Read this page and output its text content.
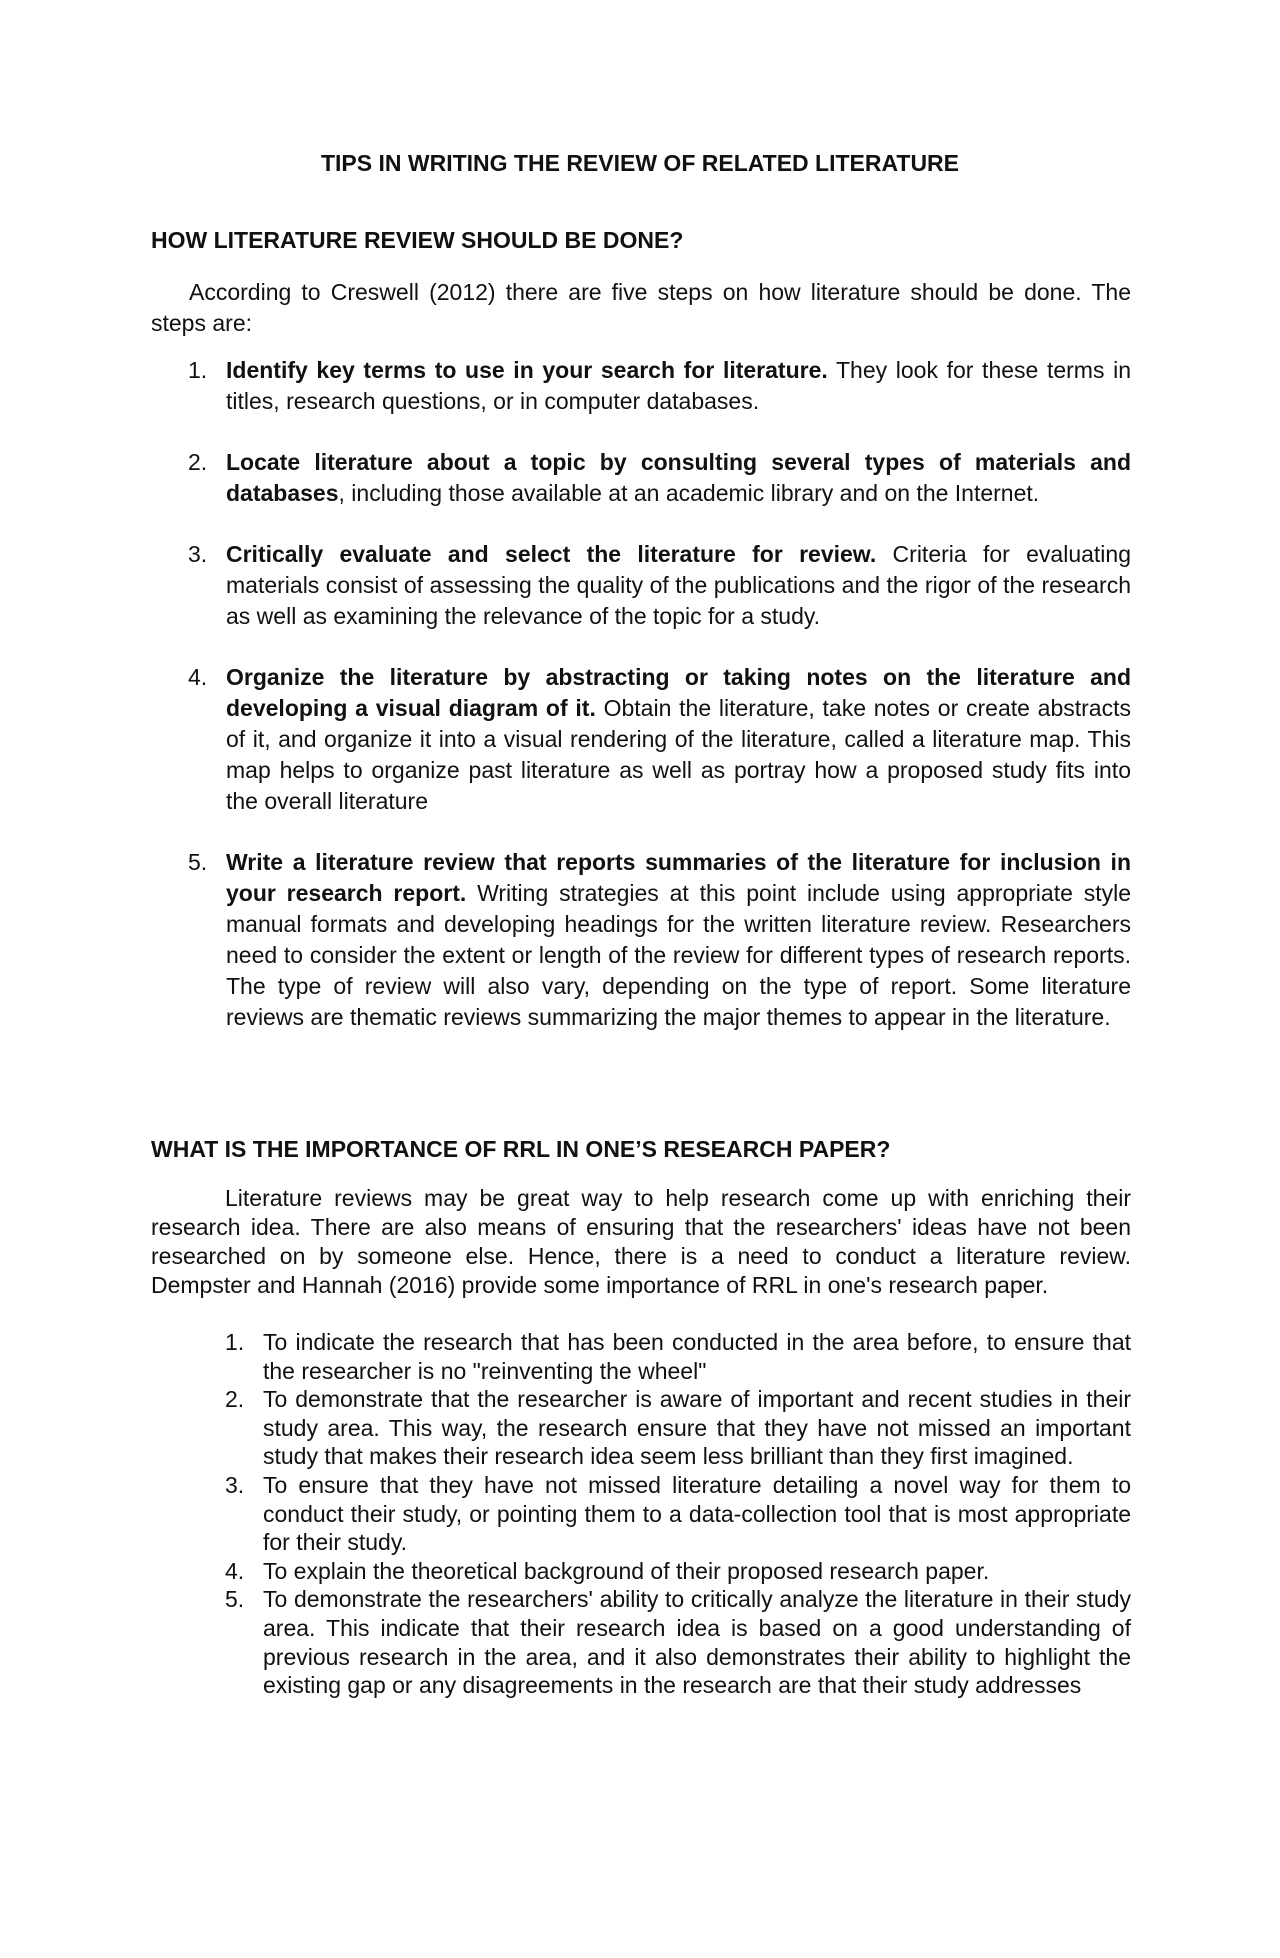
TIPS IN WRITING THE REVIEW OF RELATED LITERATURE
HOW LITERATURE REVIEW SHOULD BE DONE?

According to Creswell (2012) there are five steps on how literature should be done. The steps are:

1. Identify key terms to use in your search for literature. They look for these terms in titles, research questions, or in computer databases.
2. Locate literature about a topic by consulting several types of materials and databases, including those available at an academic library and on the Internet.
3. Critically evaluate and select the literature for review. Criteria for evaluating materials consist of assessing the quality of the publications and the rigor of the research as well as examining the relevance of the topic for a study.
4. Organize the literature by abstracting or taking notes on the literature and developing a visual diagram of it. Obtain the literature, take notes or create abstracts of it, and organize it into a visual rendering of the literature, called a literature map. This map helps to organize past literature as well as portray how a proposed study fits into the overall literature
5. Write a literature review that reports summaries of the literature for inclusion in your research report. Writing strategies at this point include using appropriate style manual formats and developing headings for the written literature review. Researchers need to consider the extent or length of the review for different types of research reports. The type of review will also vary, depending on the type of report. Some literature reviews are thematic reviews summarizing the major themes to appear in the literature.
WHAT IS THE IMPORTANCE OF RRL IN ONE’S RESEARCH PAPER?

Literature reviews may be great way to help research come up with enriching their research idea. There are also means of ensuring that the researchers' ideas have not been researched on by someone else. Hence, there is a need to conduct a literature review. Dempster and Hannah (2016) provide some importance of RRL in one's research paper.

1. To indicate the research that has been conducted in the area before, to ensure that the researcher is no "reinventing the wheel"
2. To demonstrate that the researcher is aware of important and recent studies in their study area. This way, the research ensure that they have not missed an important study that makes their research idea seem less brilliant than they first imagined.
3. To ensure that they have not missed literature detailing a novel way for them to conduct their study, or pointing them to a data-collection tool that is most appropriate for their study.
4. To explain the theoretical background of their proposed research paper.
5. To demonstrate the researchers' ability to critically analyze the literature in their study area. This indicate that their research idea is based on a good understanding of previous research in the area, and it also demonstrates their ability to highlight the existing gap or any disagreements in the research are that their study addresses
